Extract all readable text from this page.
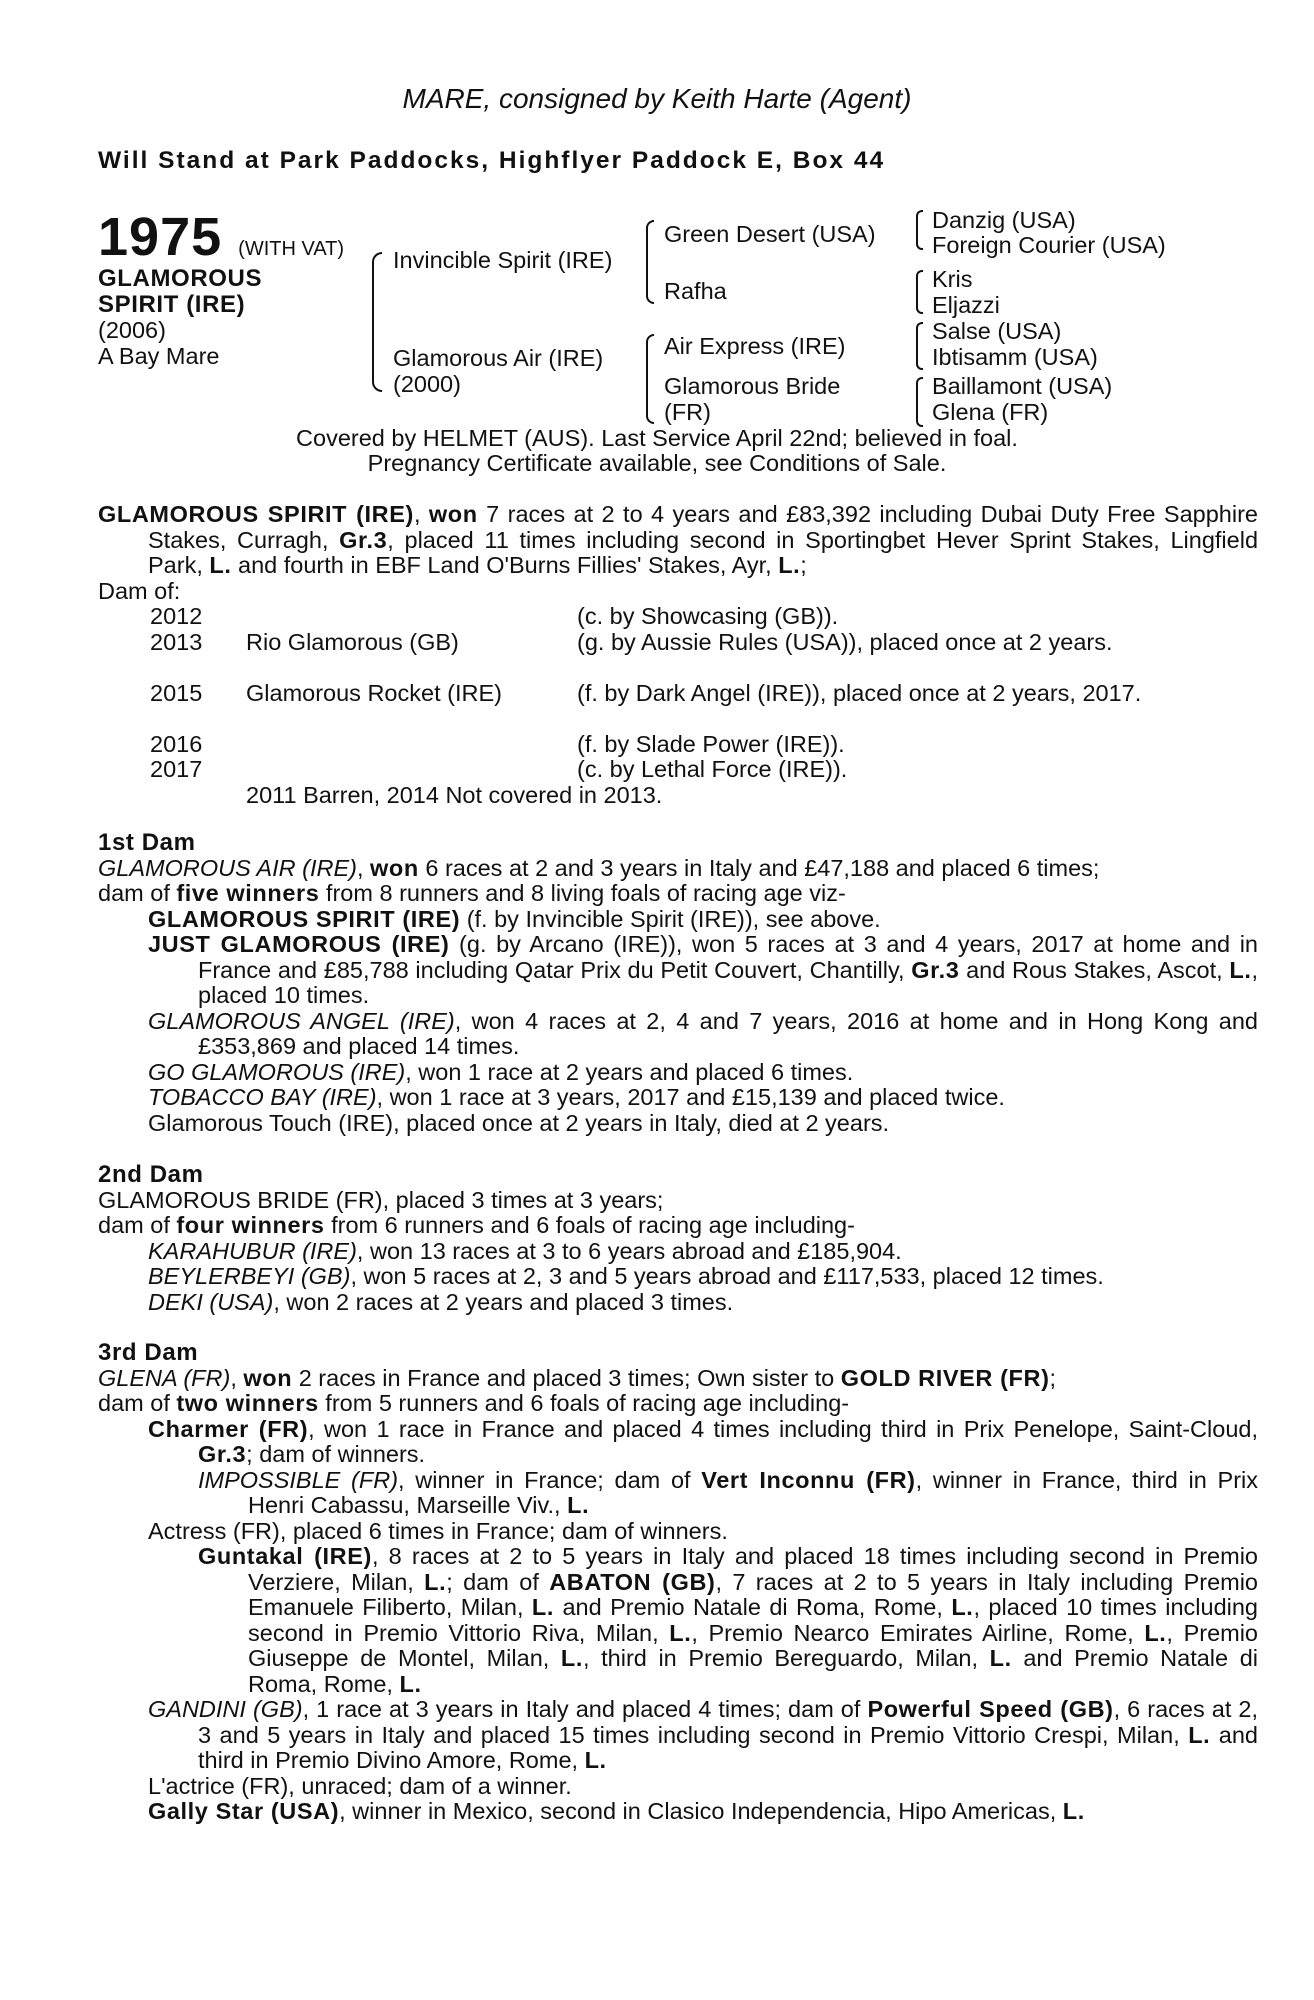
MARE, consigned by Keith Harte (Agent)
Will Stand at Park Paddocks, Highflyer Paddock E, Box 44
1975 (WITH VAT)
GLAMOROUS
SPIRIT (IRE)
(2006)
A Bay Mare
Invincible Spirit (IRE)
Glamorous Air (IRE)
(2000)
Green Desert (USA)
Rafha
Air Express (IRE)
Glamorous Bride
(FR)
Danzig (USA)
Foreign Courier (USA)
Kris
Eljazzi
Salse (USA)
Ibtisamm (USA)
Baillamont (USA)
Glena (FR)
Covered by HELMET (AUS). Last Service April 22nd; believed in foal.
Pregnancy Certificate available, see Conditions of Sale.
GLAMOROUS SPIRIT (IRE), won 7 races at 2 to 4 years and £83,392 including Dubai Duty Free Sapphire Stakes, Curragh, Gr.3, placed 11 times including second in Sportingbet Hever Sprint Stakes, Lingfield Park, L. and fourth in EBF Land O'Burns Fillies' Stakes, Ayr, L.;
Dam of:
2012	(c. by Showcasing (GB)).
2013 Rio Glamorous (GB)	(g. by Aussie Rules (USA)), placed once at 2 years.
2015 Glamorous Rocket (IRE)	(f. by Dark Angel (IRE)), placed once at 2 years, 2017.
2016	(f. by Slade Power (IRE)).
2017	(c. by Lethal Force (IRE)).
2011 Barren, 2014 Not covered in 2013.
1st Dam
GLAMOROUS AIR (IRE), won 6 races at 2 and 3 years in Italy and £47,188 and placed 6 times;
dam of five winners from 8 runners and 8 living foals of racing age viz-
GLAMOROUS SPIRIT (IRE) (f. by Invincible Spirit (IRE)), see above.
JUST GLAMOROUS (IRE) (g. by Arcano (IRE)), won 5 races at 3 and 4 years, 2017 at home and in France and £85,788 including Qatar Prix du Petit Couvert, Chantilly, Gr.3 and Rous Stakes, Ascot, L., placed 10 times.
GLAMOROUS ANGEL (IRE), won 4 races at 2, 4 and 7 years, 2016 at home and in Hong Kong and £353,869 and placed 14 times.
GO GLAMOROUS (IRE), won 1 race at 2 years and placed 6 times.
TOBACCO BAY (IRE), won 1 race at 3 years, 2017 and £15,139 and placed twice.
Glamorous Touch (IRE), placed once at 2 years in Italy, died at 2 years.
2nd Dam
GLAMOROUS BRIDE (FR), placed 3 times at 3 years;
dam of four winners from 6 runners and 6 foals of racing age including-
KARAHUBUR (IRE), won 13 races at 3 to 6 years abroad and £185,904.
BEYLERBEYI (GB), won 5 races at 2, 3 and 5 years abroad and £117,533, placed 12 times.
DEKI (USA), won 2 races at 2 years and placed 3 times.
3rd Dam
GLENA (FR), won 2 races in France and placed 3 times; Own sister to GOLD RIVER (FR);
dam of two winners from 5 runners and 6 foals of racing age including-
Charmer (FR), won 1 race in France and placed 4 times including third in Prix Penelope, Saint-Cloud, Gr.3; dam of winners.
IMPOSSIBLE (FR), winner in France; dam of Vert Inconnu (FR), winner in France, third in Prix Henri Cabassu, Marseille Viv., L.
Actress (FR), placed 6 times in France; dam of winners.
Guntakal (IRE), 8 races at 2 to 5 years in Italy and placed 18 times including second in Premio Verziere, Milan, L.; dam of ABATON (GB), 7 races at 2 to 5 years in Italy including Premio Emanuele Filiberto, Milan, L. and Premio Natale di Roma, Rome, L., placed 10 times including second in Premio Vittorio Riva, Milan, L., Premio Nearco Emirates Airline, Rome, L., Premio Giuseppe de Montel, Milan, L., third in Premio Bereguardo, Milan, L. and Premio Natale di Roma, Rome, L.
GANDINI (GB), 1 race at 3 years in Italy and placed 4 times; dam of Powerful Speed (GB), 6 races at 2, 3 and 5 years in Italy and placed 15 times including second in Premio Vittorio Crespi, Milan, L. and third in Premio Divino Amore, Rome, L.
L'actrice (FR), unraced; dam of a winner.
Gally Star (USA), winner in Mexico, second in Clasico Independencia, Hipo Americas, L.
